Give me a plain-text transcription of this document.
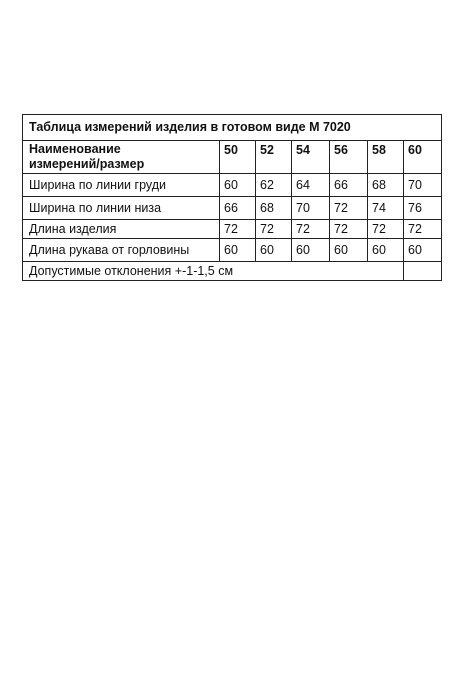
Таблица измерений изделия в готовом виде М 7020						
Наименование
измерений/размер	50	52	54	56	58	60
Ширина по линии груди	60	62	64	66	68	70
Ширина по линии низа	66	68	70	72	74	76
Длина изделия	72	72	72	72	72	72
Длина рукава от горловины	60	60	60	60	60	60
Допустимые отклонения +-1-1,5 см						
